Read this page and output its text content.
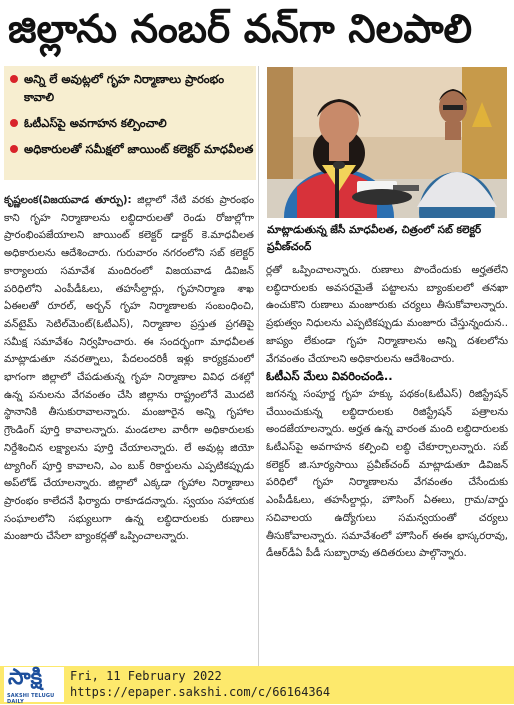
జిల్లాను నంబర్ వన్‌గా నిలపాలి
అన్ని లే అవుట్లలో గృహ నిర్మాణాలు ప్రారంభం కావాలి
ఓటీఎస్‌పై అవగాహన కల్పించాలి
అధికారులతో సమీక్షలో జాయింట్ కలెక్టర్ మాధవీలత
కృష్ణలంక(విజయవాడ తూర్పు): జిల్లాలో నేటి వరకు ప్రారంభం కాని గృహ నిర్మాణాలను లబ్ధిదారులతో రెండు రోజుల్లోగా ప్రారంభింపజేయాలని జాయింట్ కలెక్టర్ డాక్టర్ కె.మాధవీలత అధికారులను ఆదేశించారు. గురువారం నగరంలోని సబ్ కలెక్టర్ కార్యాలయ సమావేశ మందిరంలో విజయవాడ డివిజన్ పరిధిలోని ఎంపీడీఓలు, తహసీల్దార్లు, గృహనిర్మాణ శాఖ ఏఈలతో రూరల్, అర్బన్ గృహ నిర్మాణాలకు సంబంధించి, వన్‌టైమ్ సెటిల్‌మెంట్(ఓటీఎస్), నిర్మాణాల ప్రస్తుత ప్రగతిపై సమీక్ష సమావేశం నిర్వహించారు. ఈ సందర్భంగా మాధవీలత మాట్లాడుతూ నవరత్నాలు, పేదలందరికీ ఇళ్లు కార్యక్రమంలో భాగంగా జిల్లాలో చేపడుతున్న గృహ నిర్మాణాల వివిధ దశల్లో ఉన్న పనులను వేగవంతం చేసి జిల్లాను రాష్ట్రంలోనే మొదటి స్థానానికి తీసుకురావాలన్నారు. మంజూరైన అన్ని గృహాల గ్రౌండింగ్ పూర్తి కావాలన్నారు. మండలాల వారీగా అధికారులకు నిర్దేశించిన లక్ష్యాలను పూర్తి చేయాలన్నారు. లే అవుట్ల జియో ట్యాగింగ్ పూర్తి కావాలని, ఎం బుక్ రికార్డులను ఎప్పటికప్పుడు అప్‌లోడ్ చేయాలన్నారు. జిల్లాలో ఎక్కడా గృహాల నిర్మాణాలు ప్రారంభం కాలేదనే ఫిర్యాదు రాకూడదన్నారు. స్వయం సహాయక సంఘాలలోని సభ్యులుగా ఉన్న లబ్ధిదారులకు రుణాలు మంజూరు చేసేలా బ్యాంకర్లతో ఒప్పించాలన్నారు.
మాట్లాడుతున్న జేసీ మాధవీలత, చిత్రంలో సబ్ కలెక్టర్ ప్రవీణ్‌చంద్

ర్లతో ఒప్పించాలన్నారు. రుణాలు పొందేందుకు అర్హతలేని లబ్ధిదారులకు అవసరమైతే పట్టాలను బ్యాంకులలో తనఖా ఉంచుకొని రుణాలు మంజూరుకు చర్యలు తీసుకోవాలన్నారు. ప్రభుత్వం నిధులను ఎప్పటికప్పుడు మంజూరు చేస్తున్నందున.. జాప్యం లేకుండా గృహ నిర్మాణాలను అన్ని దశలలోను వేగవంతం చేయాలని అధికారులను ఆదేశించారు.

ఓటీఎస్ మేలు వివరించండి..

జగనన్న సంపూర్ణ గృహ హక్కు పథకం(ఓటీఎస్) రిజిస్ట్రేషన్ చేయించుకున్న లబ్ధిదారులకు రిజిస్ట్రేషన్ పత్రాలను అందజేయాలన్నారు. అర్హత ఉన్న వారంత మంది లబ్ధిదారులకు ఓటీఎస్‌పై అవగాహన కల్పించి లబ్ధి చేకూర్చాలన్నారు. సబ్ కలెక్టర్ జి.సూర్యసాయి ప్రవీణ్‌చంద్ మాట్లాడుతూ డివిజన్ పరిధిలో గృహ నిర్మాణాలను వేగవంతం చేసేందుకు ఎంపీడీఓలు, తహసీల్దార్లు, హౌసింగ్ ఏఈలు, గ్రామ/వార్డు సచివాలయ ఉద్యోగులు సమన్వయంతో చర్యలు తీసుకోవాలన్నారు. సమావేశంలో హౌసింగ్ ఈఈ భాస్కరరావు, డీఆర్‌డీఏ పీడీ సుబ్బారావు తదితరులు పాల్గొన్నారు.

సాక్షి
SAKSHI TELUGU DAILY
Fri, 11 February 2022
https://epaper.sakshi.com/c/66164364
